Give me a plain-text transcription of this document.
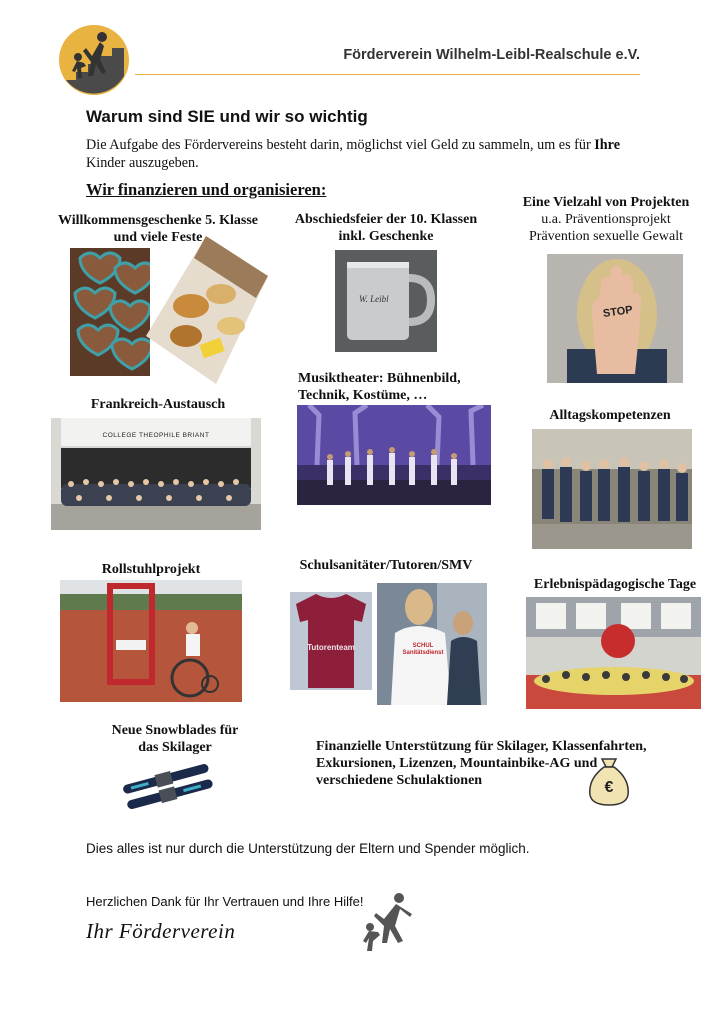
Förderverein Wilhelm-Leibl-Realschule e.V.
Warum sind SIE und wir so wichtig
Die Aufgabe des Fördervereins besteht darin, möglichst viel Geld zu sammeln, um es für Ihre
Kinder auszugeben.
Wir finanzieren und organisieren:
Willkommensgeschenke 5. Klasse und viele Feste
Abschiedsfeier der 10. Klassen inkl. Geschenke
W. Leibl
Eine Vielzahl von Projekten
u.a. Präventionsprojekt
Prävention sexuelle Gewalt
STOP
Frankreich-Austausch
COLLEGE THEOPHILE BRIANT
Musiktheater: Bühnenbild, Technik, Kostüme, …
Alltagskompetenzen
Rollstuhlprojekt	Schulsanitäter/Tutoren/SMV
Tutorenteam	SCHUL Sanitätsdienst
Erlebnispädagogische Tage
Neue Snowblades für das Skilager	Finanzielle Unterstützung für Skilager, Klassenfahrten, Exkursionen, Lizenzen, Mountainbike-AG und verschiedene Schulaktionen	€
Dies alles ist nur durch die Unterstützung der Eltern und Spender möglich.
Herzlichen Dank für Ihr Vertrauen und Ihre Hilfe!
Ihr Förderverein
